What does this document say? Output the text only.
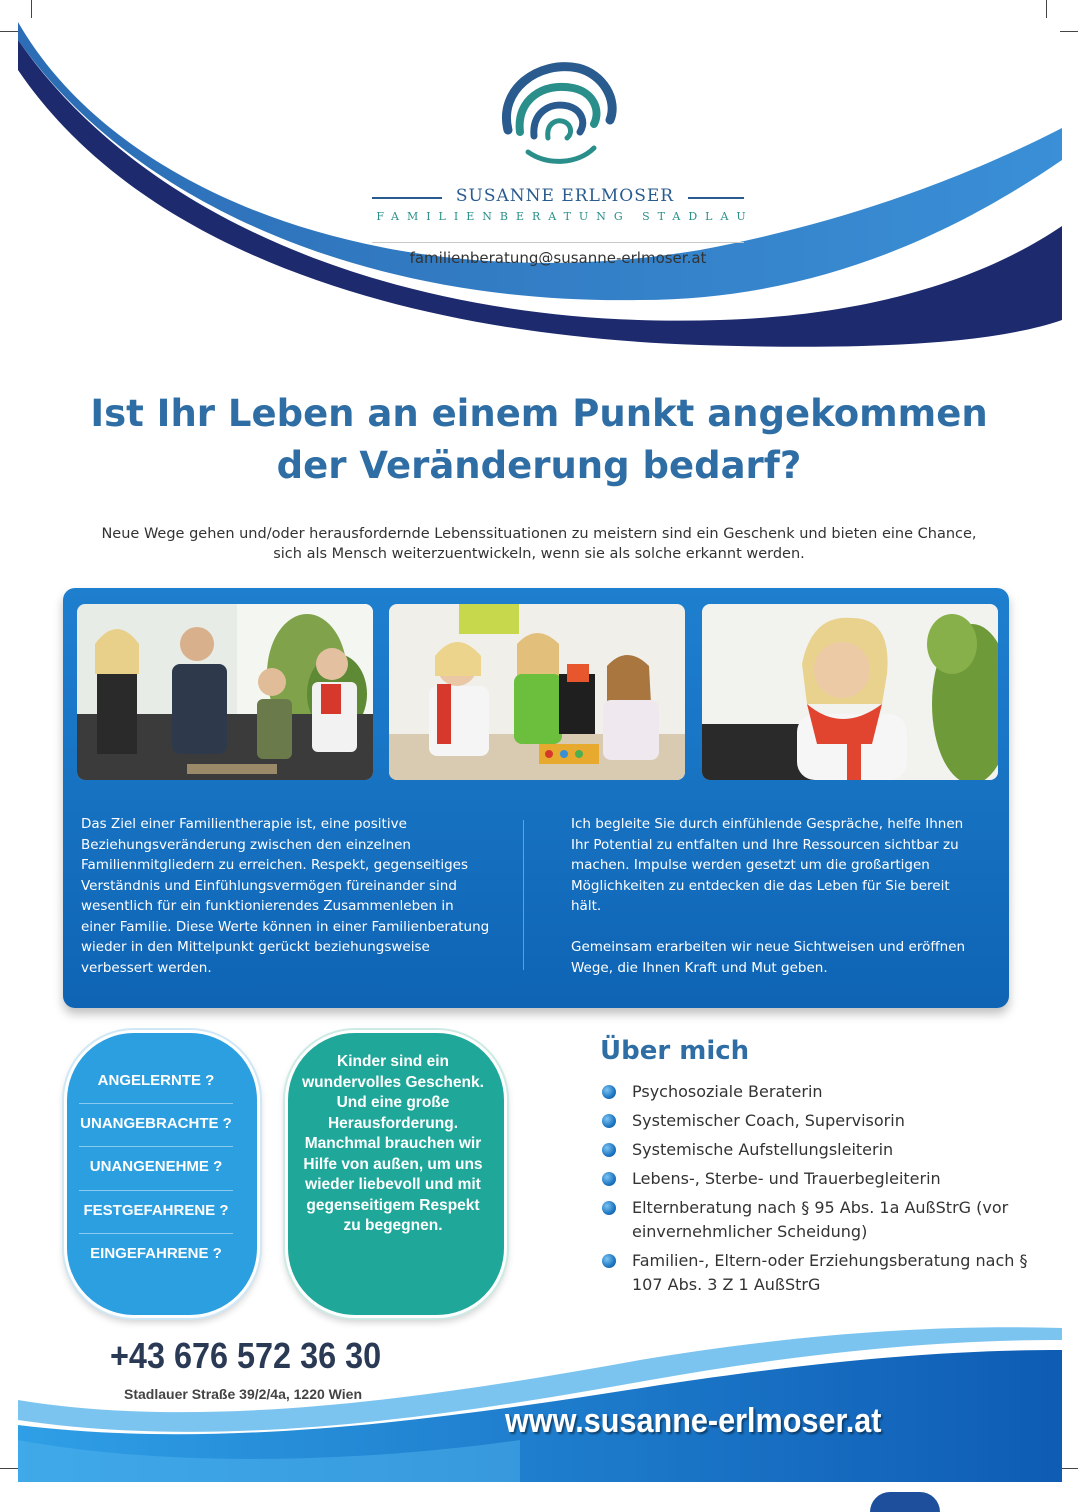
SUSANNE ERLMOSER
FAMILIENBERATUNG STADLAU
familienberatung@susanne-erlmoser.at
Ist Ihr Leben an einem Punkt angekommen
der Veränderung bedarf?
Neue Wege gehen und/oder herausfordernde Lebenssituationen zu meistern sind ein Geschenk und bieten eine Chance, sich als Mensch weiterzuentwickeln, wenn sie als solche erkannt werden.
Das Ziel einer Familientherapie ist, eine positive Beziehungsveränderung zwischen den einzelnen Familienmitgliedern zu erreichen. Respekt, gegenseitiges Verständnis und Einfühlungsvermögen füreinander sind wesentlich für ein funktionierendes Zusammenleben in einer Familie. Diese Werte können in einer Familienberatung wieder in den Mittelpunkt gerückt beziehungsweise verbessert werden.
Ich begleite Sie durch einfühlende Gespräche, helfe Ihnen Ihr Potential zu entfalten und Ihre Ressourcen sichtbar zu machen. Impulse werden gesetzt um die großartigen Möglichkeiten zu entdecken die das Leben für Sie bereit hält.
Gemeinsam erarbeiten wir neue Sichtweisen und eröffnen Wege, die Ihnen Kraft und Mut geben.
ANGELERNTE ?
UNANGEBRACHTE ?
UNANGENEHME ?
FESTGEFAHRENE ?
EINGEFAHRENE ?
Kinder sind ein wundervolles Geschenk. Und eine große Herausforderung. Manchmal brauchen wir Hilfe von außen, um uns wieder liebevoll und mit gegenseitigem Respekt zu begegnen.
Über mich
Psychosoziale Beraterin
Systemischer Coach, Supervisorin
Systemische Aufstellungsleiterin
Lebens-, Sterbe- und Trauerbegleiterin
Elternberatung nach § 95 Abs. 1a AußStrG (vor einvernehmlicher Scheidung)
Familien-, Eltern-oder Erziehungsberatung nach § 107 Abs. 3 Z 1 AußStrG
+43 676 572 36 30
Stadlauer Straße 39/2/4a, 1220 Wien
www.susanne-erlmoser.at
